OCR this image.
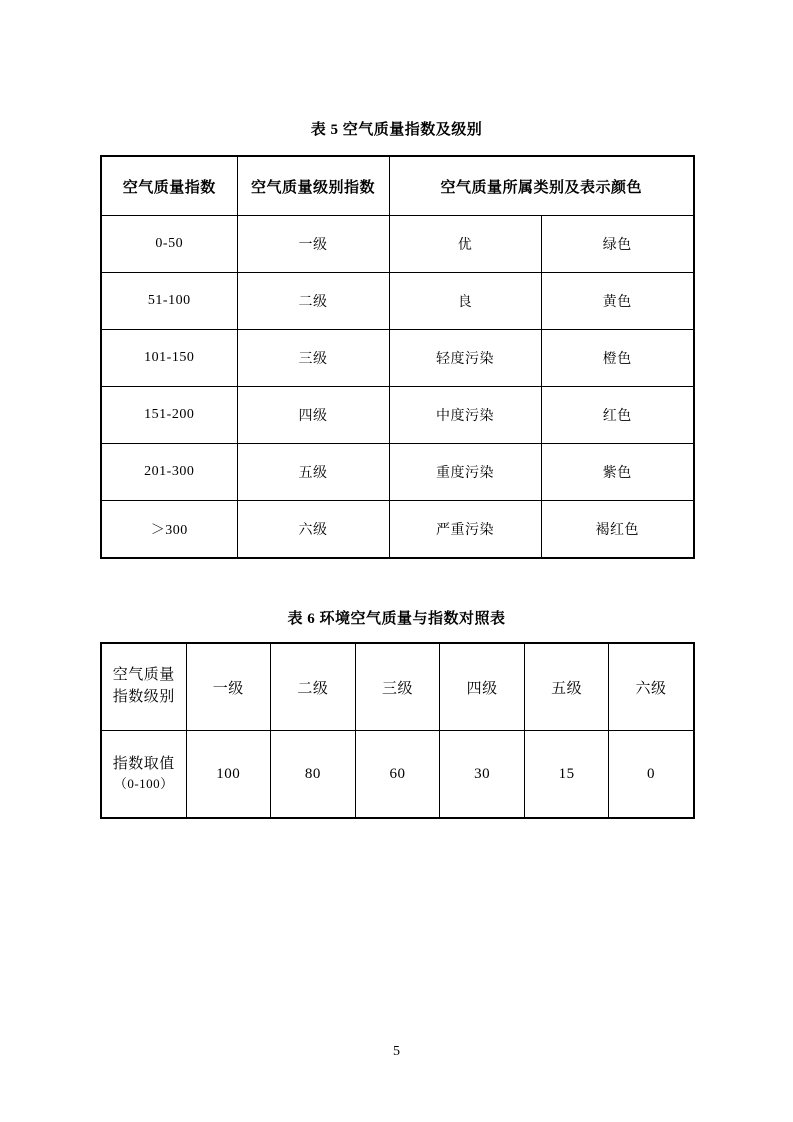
表 5 空气质量指数及级别
空气质量指数	空气质量级别指数	空气质量所属类别及表示颜色	
0-50	一级	优	绿色
51-100	二级	良	黄色
101-150	三级	轻度污染	橙色
151-200	四级	中度污染	红色
201-300	五级	重度污染	紫色
＞300	六级	严重污染	褐红色
表 6 环境空气质量与指数对照表
空气质量
指数级别	一级	二级	三级	四级	五级	六级

指数取值
（0-100）	100	80	60	30	15	0
5
